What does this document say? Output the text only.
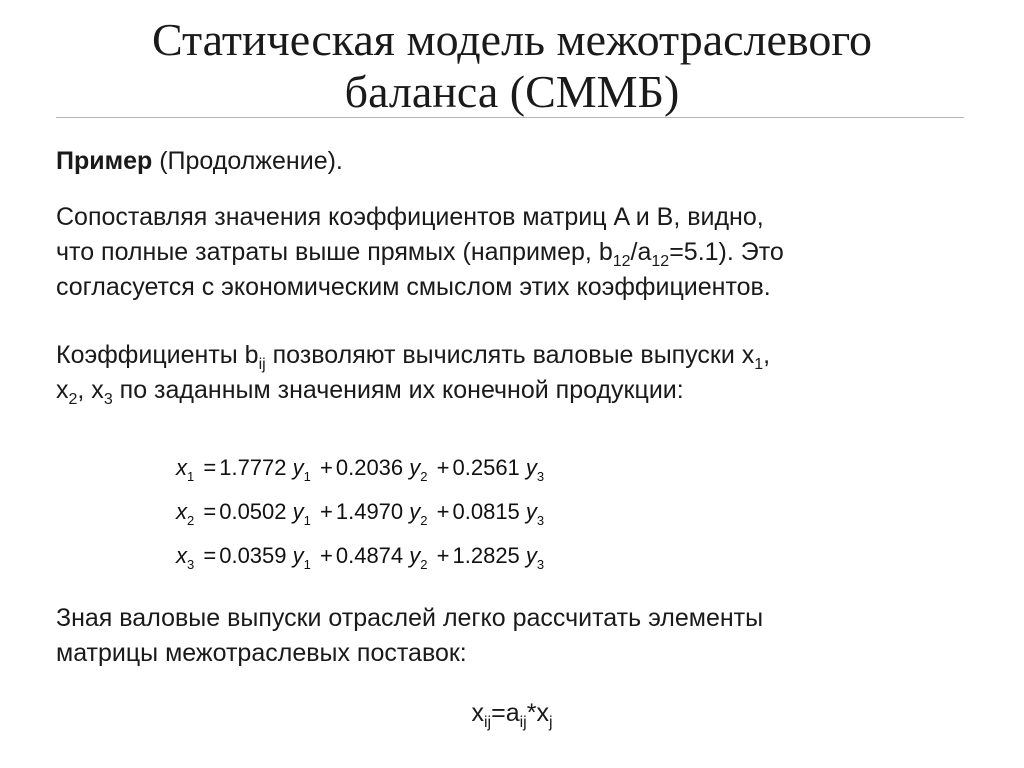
Статическая модель межотраслевого
баланса (СММБ)
Пример (Продолжение).
Сопоставляя значения коэффициентов матриц A и B, видно,
что полные затраты выше прямых (например, $b_{12}/a_{12}=5.1$). Это
согласуется с экономическим смыслом этих коэффициентов.
Коэффициенты $b_{ij}$ позволяют вычислять валовые выпуски $x_1$,
$x_2$, $x_3$ по заданным значениям их конечной продукции:
$x_1 = 1.7772$ $y_1 + 0.2036$ $y_2 + 0.2561$ $y_3$
$x_2 = 0.0502$ $y_1 + 1.4970$ $y_2 + 0.0815$ $y_3$
$x_3 = 0.0359$ $y_1 + 0.4874$ $y_2 + 1.2825$ $y_3$
Зная валовые выпуски отраслей легко рассчитать элементы
матрицы межотраслевых поставок:
$x_{ij}=a_{ij}*x_j$
